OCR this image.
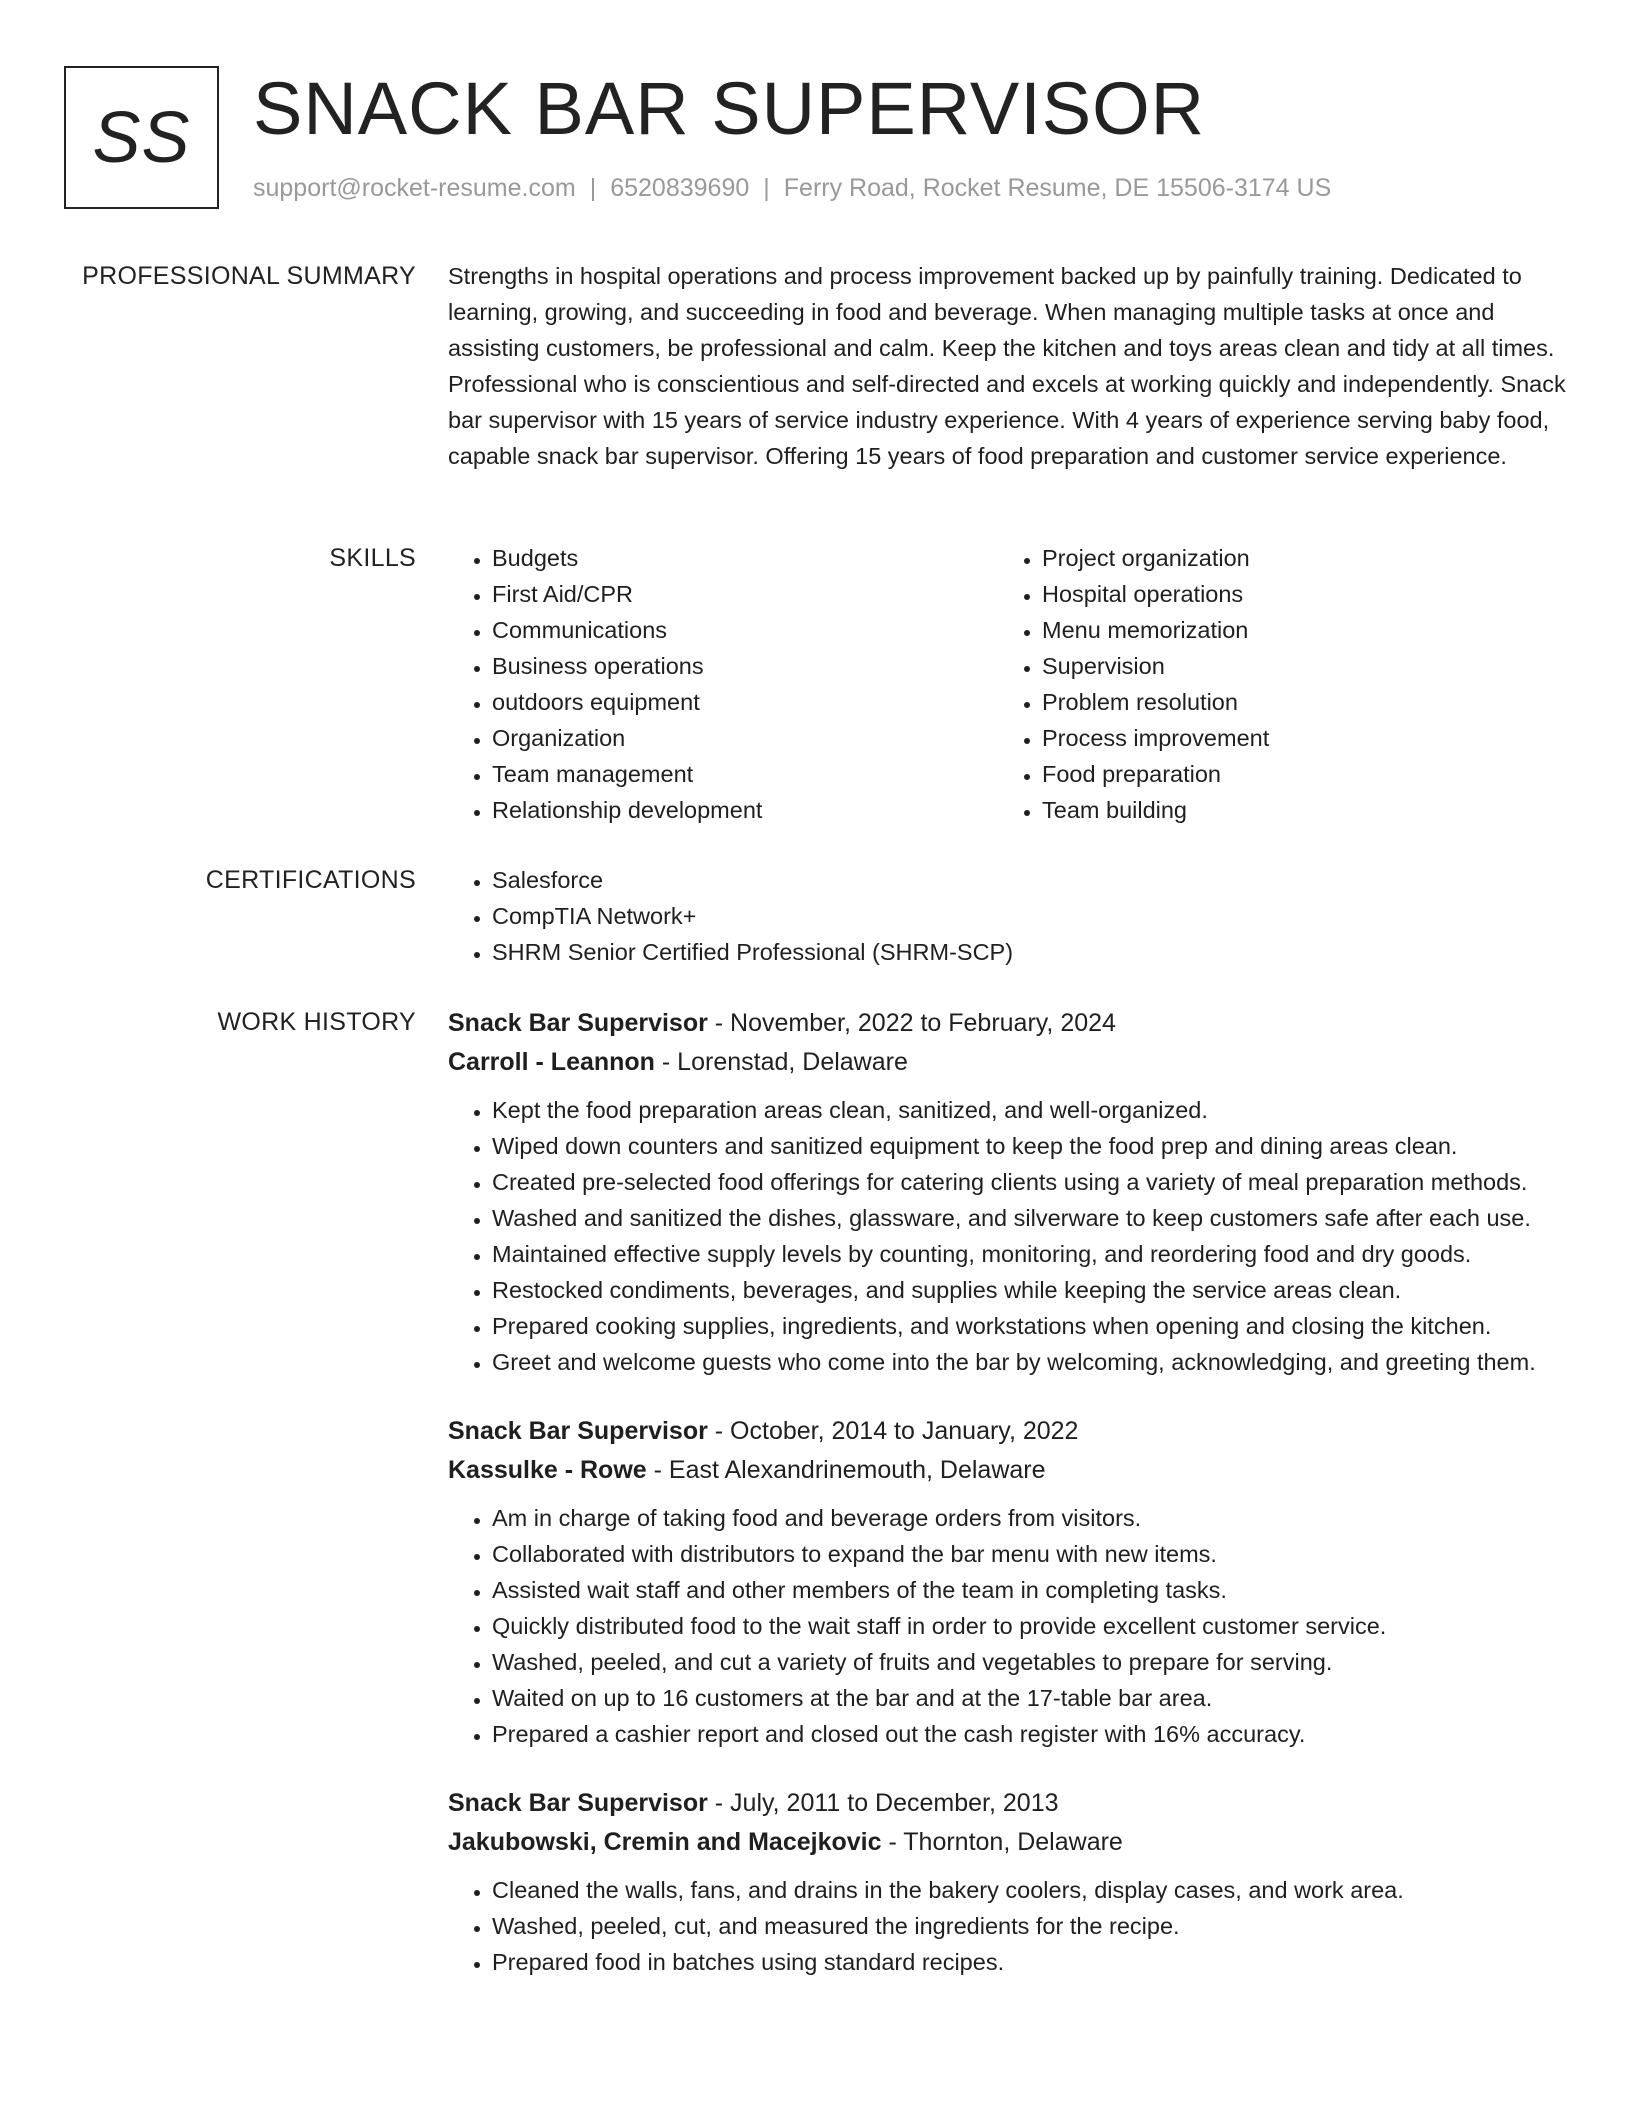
SS SNACK BAR SUPERVISOR
support@rocket-resume.com | 6520839690 | Ferry Road, Rocket Resume, DE 15506-3174 US
PROFESSIONAL SUMMARY Strengths in hospital operations and process improvement backed up by painfully training. Dedicated to learning, growing, and succeeding in food and beverage. When managing multiple tasks at once and assisting customers, be professional and calm. Keep the kitchen and toys areas clean and tidy at all times. Professional who is conscientious and self-directed and excels at working quickly and independently. Snack bar supervisor with 15 years of service industry experience. With 4 years of experience serving baby food, capable snack bar supervisor. Offering 15 years of food preparation and customer service experience.

SKILLS	• Budgets
• First Aid/CPR
• Communications
• Business operations
• outdoors equipment
• Organization
• Team management
• Relationship development
• Project organization
• Hospital operations
• Menu memorization
• Supervision
• Problem resolution
• Process improvement
• Food preparation
• Team building
CERTIFICATIONS	• Salesforce
• CompTIA Network+
• SHRM Senior Certified Professional (SHRM-SCP)
WORK HISTORY Snack Bar Supervisor - November, 2022 to February, 2024
Carroll - Leannon - Lorenstad, Delaware
• Kept the food preparation areas clean, sanitized, and well-organized.
• Wiped down counters and sanitized equipment to keep the food prep and dining areas clean.
• Created pre-selected food offerings for catering clients using a variety of meal preparation methods.
• Washed and sanitized the dishes, glassware, and silverware to keep customers safe after each use.
• Maintained effective supply levels by counting, monitoring, and reordering food and dry goods.
• Restocked condiments, beverages, and supplies while keeping the service areas clean.
• Prepared cooking supplies, ingredients, and workstations when opening and closing the kitchen.
• Greet and welcome guests who come into the bar by welcoming, acknowledging, and greeting them.
Snack Bar Supervisor - October, 2014 to January, 2022
Kassulke - Rowe - East Alexandrinemouth, Delaware
• Am in charge of taking food and beverage orders from visitors.
• Collaborated with distributors to expand the bar menu with new items.
• Assisted wait staff and other members of the team in completing tasks.
• Quickly distributed food to the wait staff in order to provide excellent customer service.
• Washed, peeled, and cut a variety of fruits and vegetables to prepare for serving.
• Waited on up to 16 customers at the bar and at the 17-table bar area.
• Prepared a cashier report and closed out the cash register with 16% accuracy.
Snack Bar Supervisor - July, 2011 to December, 2013
Jakubowski, Cremin and Macejkovic - Thornton, Delaware
• Cleaned the walls, fans, and drains in the bakery coolers, display cases, and work area.
• Washed, peeled, cut, and measured the ingredients for the recipe.
• Prepared food in batches using standard recipes.
